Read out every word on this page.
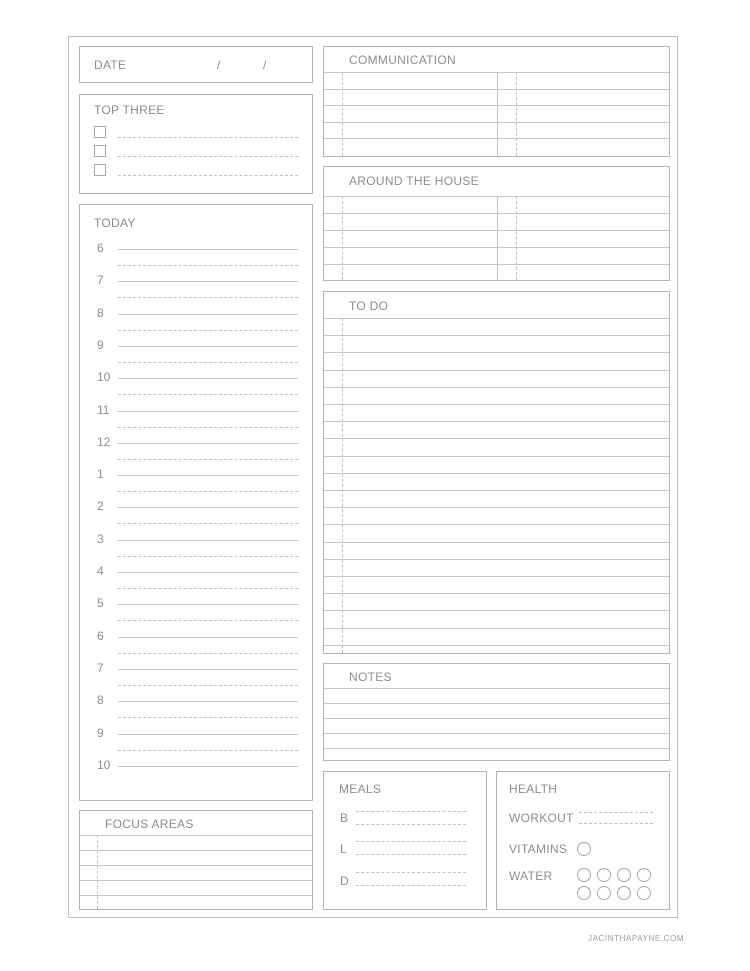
DATE	/	/
TOP THREE
TODAY
6
7
8
9
10
11
12
1
2
3
4
5
6
7
8
9
10
FOCUS AREAS
COMMUNICATION
AROUND THE HOUSE
TO DO
NOTES
MEALS
B
L
D
HEALTH
WORKOUT
VITAMINS
WATER
JACINTHAPAYNE.COM
